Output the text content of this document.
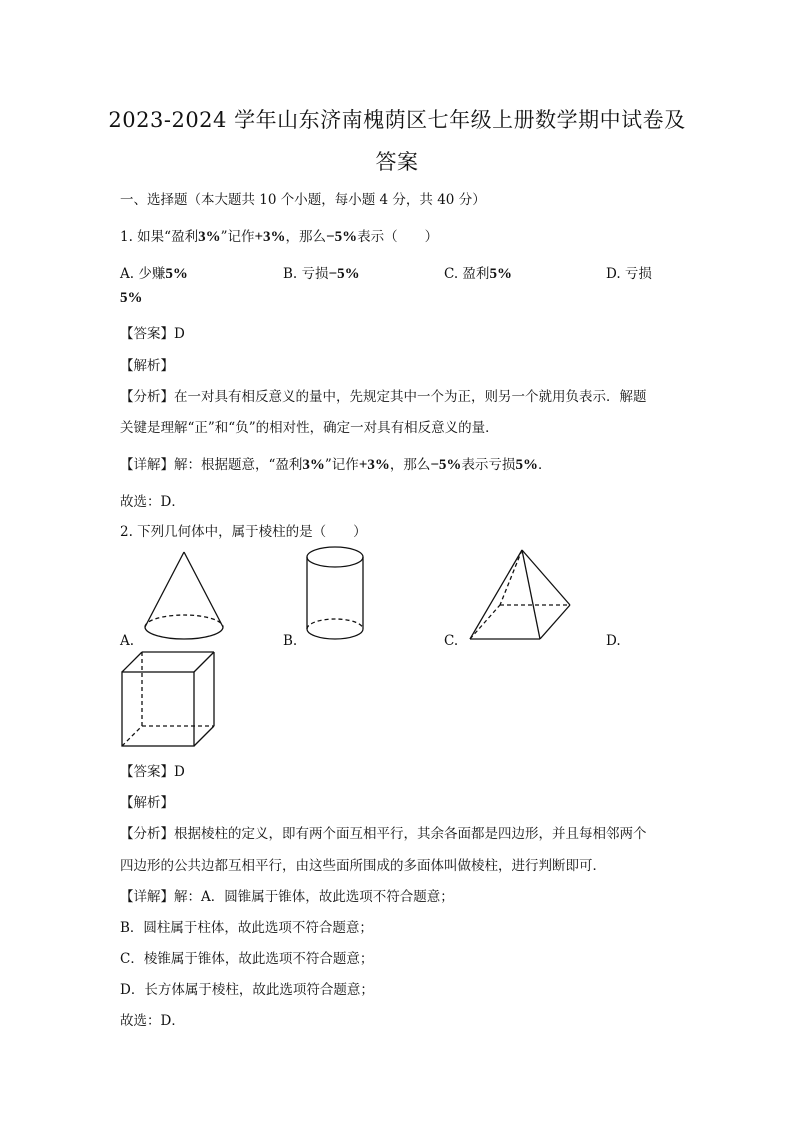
2023-2024 学年山东济南槐荫区七年级上册数学期中试卷及
答案
一、选择题（本大题共 10 个小题，每小题 4 分，共 40 分）
1. 如果“盈利3%”记作+3%，那么−5%表示（　　）
A. 少赚5%	B. 亏损−5%	C. 盈利5%	D. 亏损
5%
【答案】D
【解析】
【分析】在一对具有相反意义的量中，先规定其中一个为正，则另一个就用负表示．解题
关键是理解“正”和“负”的相对性，确定一对具有相反意义的量．
【详解】解：根据题意，“盈利3%”记作+3%，那么−5%表示亏损5%．
故选：D．
2. 下列几何体中，属于棱柱的是（　　）
A.	B.	C.	D.
【答案】D
【解析】
【分析】根据棱柱的定义，即有两个面互相平行，其余各面都是四边形，并且每相邻两个
四边形的公共边都互相平行，由这些面所围成的多面体叫做棱柱，进行判断即可．
【详解】解：A．圆锥属于锥体，故此选项不符合题意；
B．圆柱属于柱体，故此选项不符合题意；
C．棱锥属于锥体，故此选项不符合题意；
D．长方体属于棱柱，故此选项符合题意；
故选：D．
